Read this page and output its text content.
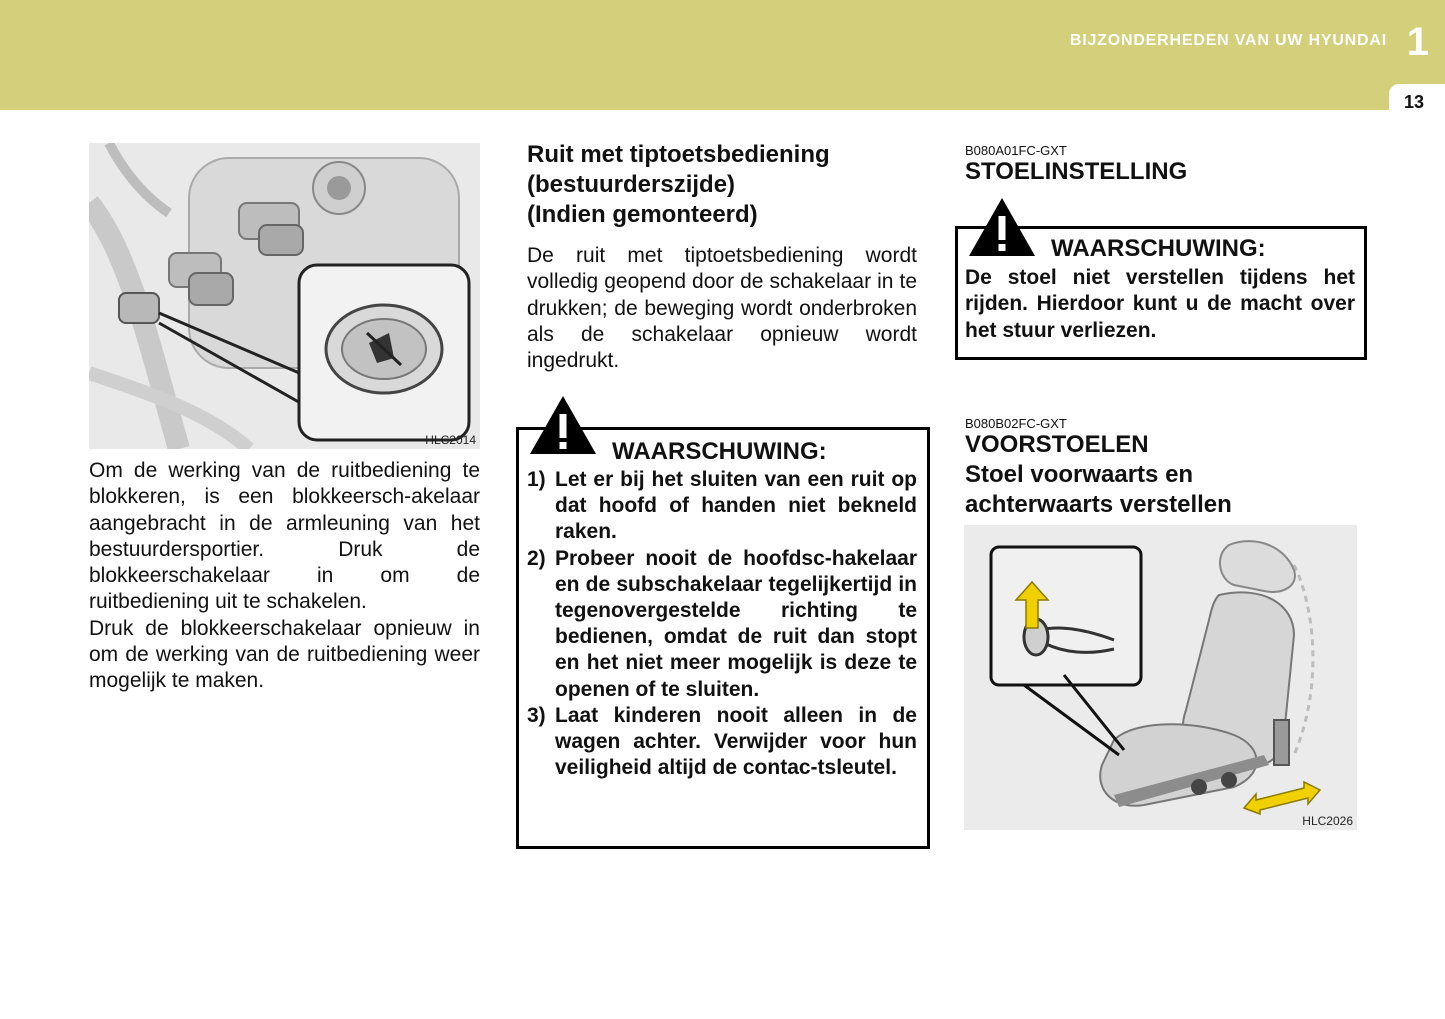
BIJZONDERHEDEN VAN UW HYUNDAI 1
13
HLC2014

Om de werking van de ruitbediening te blokkeren, is een blokkeersch-akelaar aangebracht in de armleuning van het bestuurdersportier. Druk de blokkeerschakelaar in om de ruitbediening uit te schakelen.

Druk de blokkeerschakelaar opnieuw in om de werking van de ruitbediening weer mogelijk te maken.

Ruit met tiptoetsbediening
(bestuurderszijde)
(Indien gemonteerd)

De ruit met tiptoetsbediening wordt volledig geopend door de schakelaar in te drukken; de beweging wordt onderbroken als de schakelaar opnieuw wordt ingedrukt.

WAARSCHUWING:
1) Let er bij het sluiten van een ruit op dat hoofd of handen niet bekneld raken.
2) Probeer nooit de hoofdsc-hakelaar en de subschakelaar tegelijkertijd in tegenovergestelde richting te bedienen, omdat de ruit dan stopt en het niet meer mogelijk is deze te openen of te sluiten.
3) Laat kinderen nooit alleen in de wagen achter. Verwijder voor hun veiligheid altijd de contac-tsleutel.
B080A01FC-GXT
STOELINSTELLING
WAARSCHUWING:
De stoel niet verstellen tijdens het rijden. Hierdoor kunt u de macht over het stuur verliezen.
B080B02FC-GXT
VOORSTOELEN
Stoel voorwaarts en
achterwaarts verstellen
HLC2026
